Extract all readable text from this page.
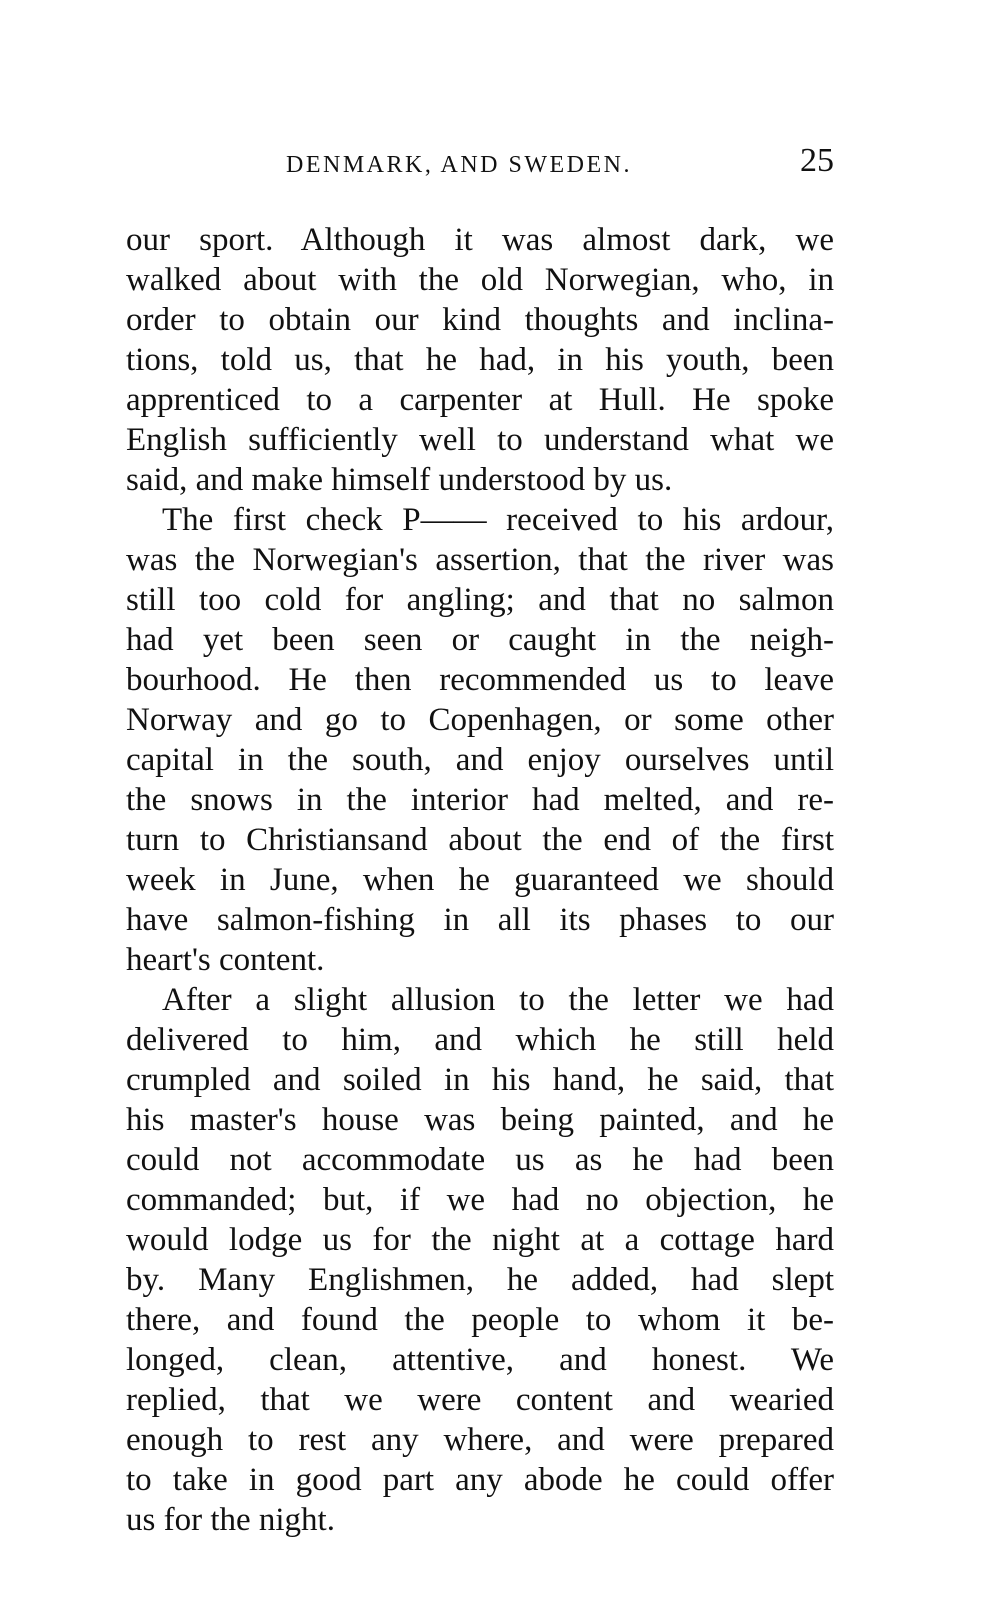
DENMARK, AND SWEDEN.	25
our sport. Although it was almost dark, we
walked about with the old Norwegian, who, in
order to obtain our kind thoughts and inclina-
tions, told us, that he had, in his youth, been
apprenticed to a carpenter at Hull. He spoke
English sufficiently well to understand what we
said, and make himself understood by us.
The first check P—— received to his ardour,
was the Norwegian's assertion, that the river was
still too cold for angling; and that no salmon
had yet been seen or caught in the neigh-
bourhood. He then recommended us to leave
Norway and go to Copenhagen, or some other
capital in the south, and enjoy ourselves until
the snows in the interior had melted, and re-
turn to Christiansand about the end of the first
week in June, when he guaranteed we should
have salmon-fishing in all its phases to our
heart's content.
After a slight allusion to the letter we had
delivered to him, and which he still held
crumpled and soiled in his hand, he said, that
his master's house was being painted, and he
could not accommodate us as he had been
commanded; but, if we had no objection, he
would lodge us for the night at a cottage hard
by. Many Englishmen, he added, had slept
there, and found the people to whom it be-
longed, clean, attentive, and honest. We
replied, that we were content and wearied
enough to rest any where, and were prepared
to take in good part any abode he could offer
us for the night.
